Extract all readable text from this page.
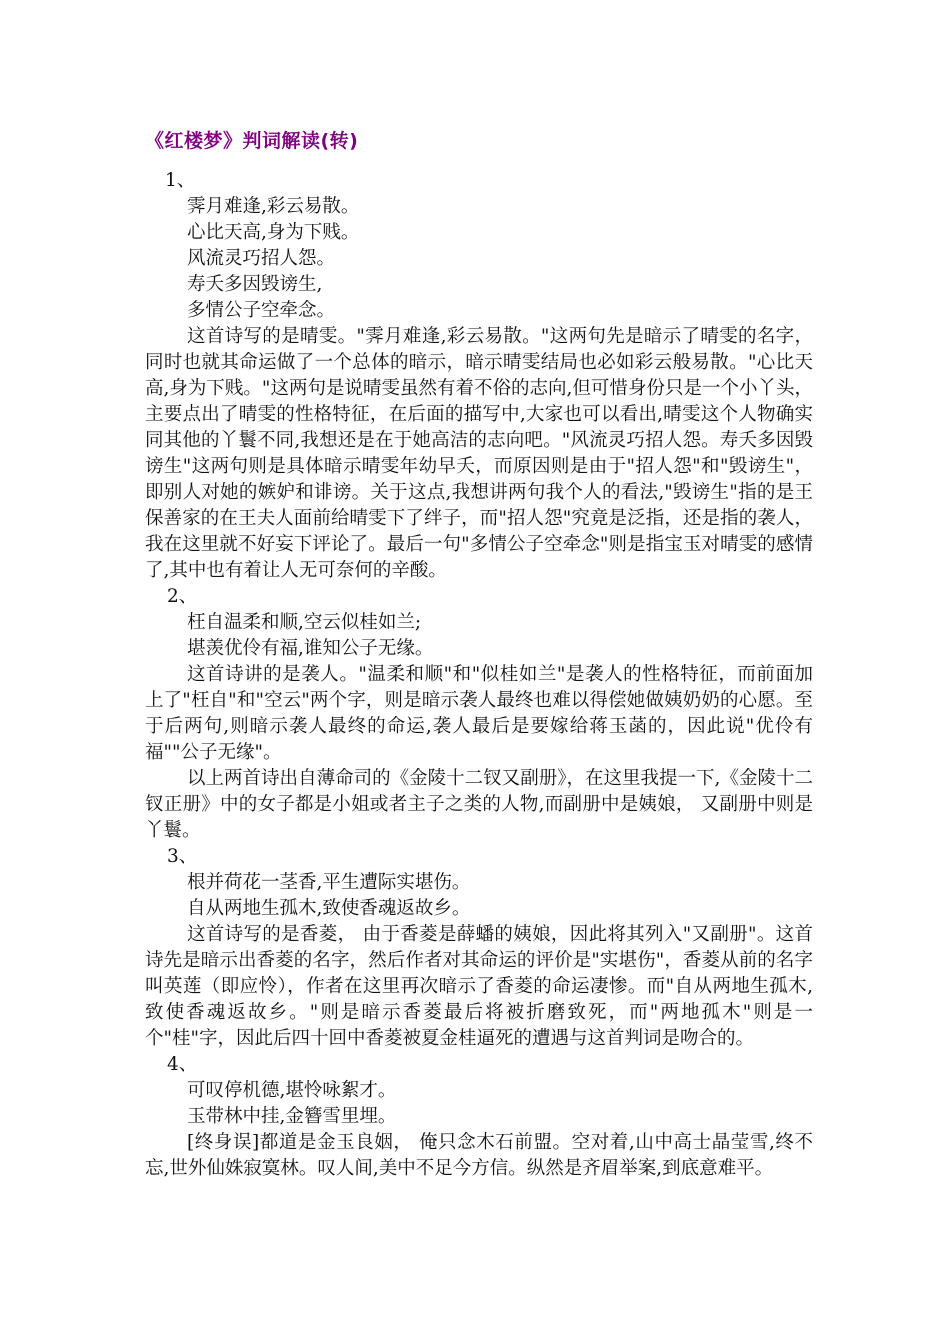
《红楼梦》判词解读(转)
1、
霁月难逢,彩云易散。
心比天高,身为下贱。
风流灵巧招人怨。
寿夭多因毁谤生,
多情公子空牵念。

这首诗写的是晴雯。"霁月难逢,彩云易散。"这两句先是暗示了晴雯的名字，同时也就其命运做了一个总体的暗示，暗示晴雯结局也必如彩云般易散。"心比天高,身为下贱。"这两句是说晴雯虽然有着不俗的志向,但可惜身份只是一个小丫头，主要点出了晴雯的性格特征，在后面的描写中,大家也可以看出,晴雯这个人物确实同其他的丫鬟不同,我想还是在于她高洁的志向吧。"风流灵巧招人怨。寿夭多因毁谤生"这两句则是具体暗示晴雯年幼早夭，而原因则是由于"招人怨"和"毁谤生"，即别人对她的嫉妒和诽谤。关于这点,我想讲两句我个人的看法,"毁谤生"指的是王保善家的在王夫人面前给晴雯下了绊子，而"招人怨"究竟是泛指，还是指的袭人，我在这里就不好妄下评论了。最后一句"多情公子空牵念"则是指宝玉对晴雯的感情了,其中也有着让人无可奈何的辛酸。

2、
枉自温柔和顺,空云似桂如兰;
堪羡优伶有福,谁知公子无缘。

这首诗讲的是袭人。"温柔和顺"和"似桂如兰"是袭人的性格特征，而前面加上了"枉自"和"空云"两个字，则是暗示袭人最终也难以得偿她做姨奶奶的心愿。至于后两句,则暗示袭人最终的命运,袭人最后是要嫁给蒋玉菡的，因此说"优伶有福""公子无缘"。

以上两首诗出自薄命司的《金陵十二钗又副册》，在这里我提一下,《金陵十二钗正册》中的女子都是小姐或者主子之类的人物,而副册中是姨娘， 又副册中则是丫鬟。

3、
根并荷花一茎香,平生遭际实堪伤。
自从两地生孤木,致使香魂返故乡。

这首诗写的是香菱， 由于香菱是薛蟠的姨娘，因此将其列入"又副册"。这首诗先是暗示出香菱的名字，然后作者对其命运的评价是"实堪伤"，香菱从前的名字叫英莲（即应怜），作者在这里再次暗示了香菱的命运凄惨。而"自从两地生孤木,致使香魂返故乡。"则是暗示香菱最后将被折磨致死，而"两地孤木"则是一个"桂"字，因此后四十回中香菱被夏金桂逼死的遭遇与这首判词是吻合的。

4、
可叹停机德,堪怜咏絮才。
玉带林中挂,金簪雪里埋。

[终身误]都道是金玉良姻， 俺只念木石前盟。空对着,山中高士晶莹雪,终不忘,世外仙姝寂寞林。叹人间,美中不足今方信。纵然是齐眉举案,到底意难平。
